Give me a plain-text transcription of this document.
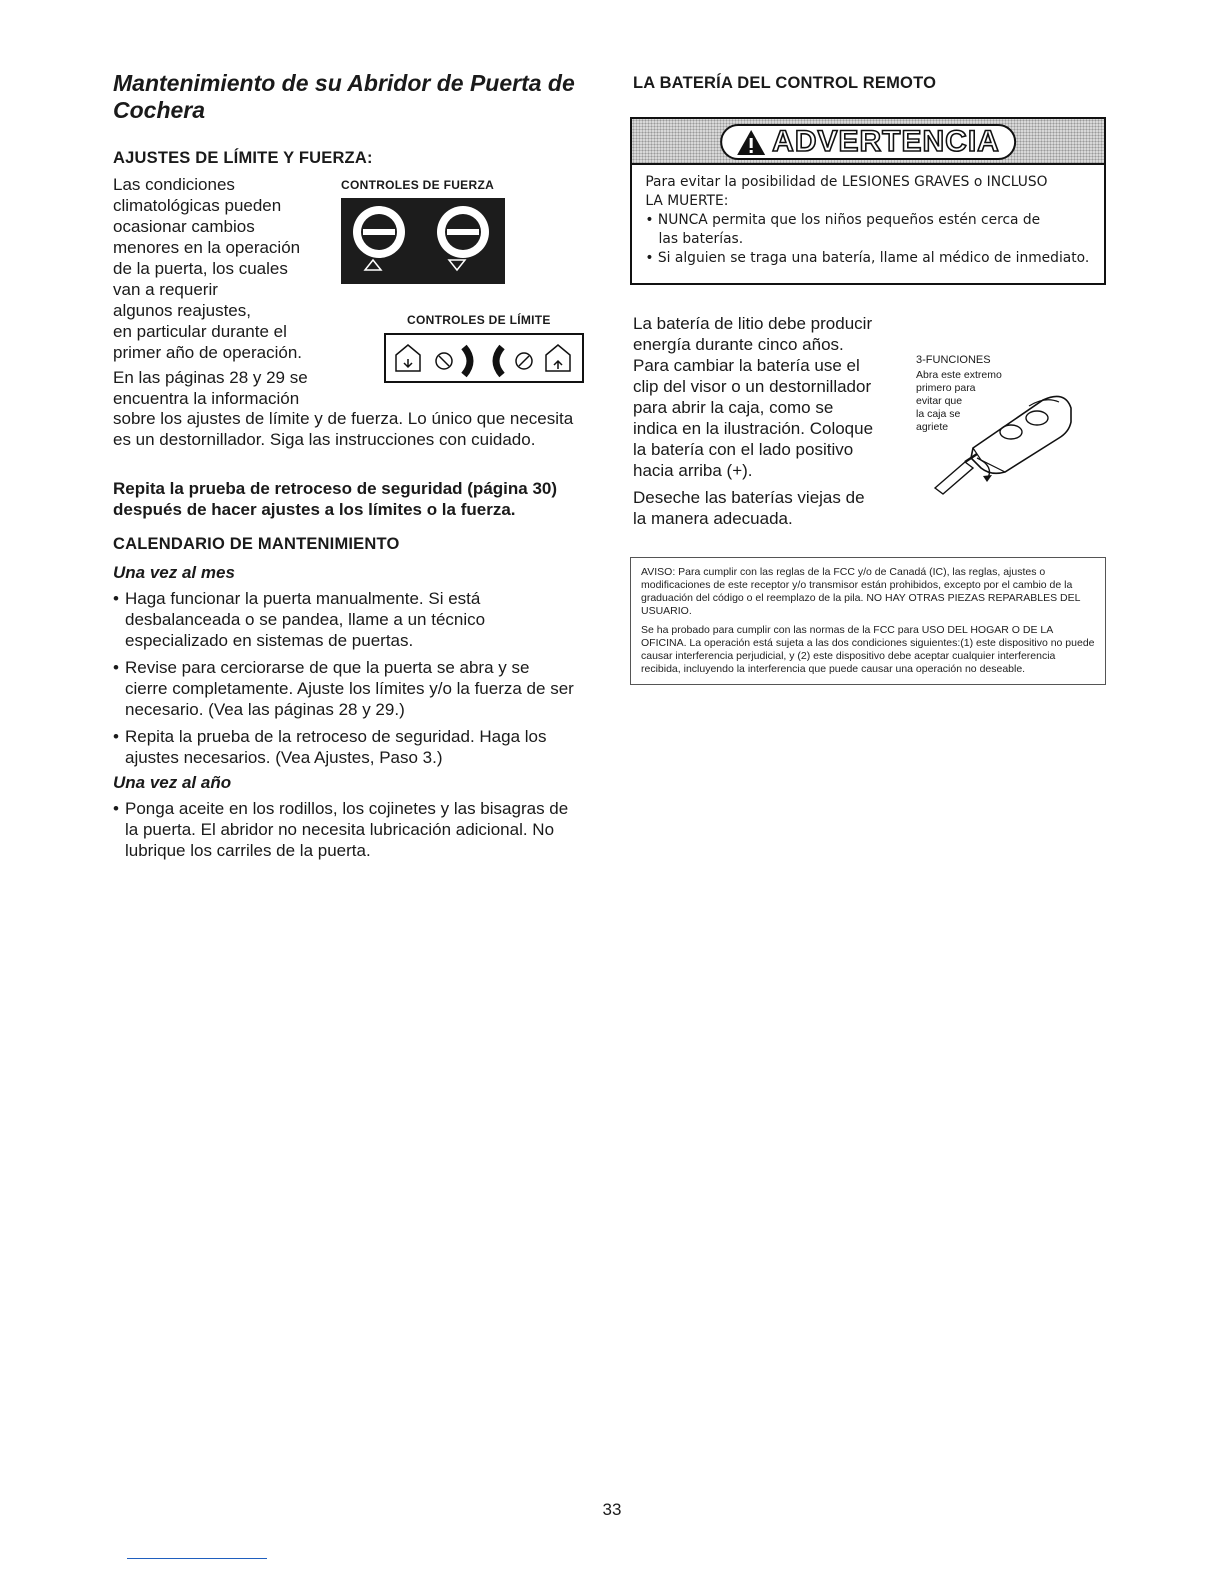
Mantenimiento de su Abridor de Puerta de Cochera
AJUSTES DE LÍMITE Y FUERZA:
Las condiciones
climatológicas pueden
ocasionar cambios
menores en la operación
de la puerta, los cuales
van a requerir
algunos reajustes,
en particular durante el
primer año de operación.
En las páginas 28 y 29 se
encuentra la información
sobre los ajustes de límite y de fuerza. Lo único que necesita es un destornillador. Siga las instrucciones con cuidado.
Repita la prueba de retroceso de seguridad (página 30) después de hacer ajustes a los límites o la fuerza.
CONTROLES DE FUERZA
CONTROLES DE LÍMITE
CALENDARIO DE MANTENIMIENTO
Una vez al mes
• Haga funcionar la puerta manualmente. Si está desbalanceada o se pandea, llame a un técnico especializado en sistemas de puertas.
• Revise para cerciorarse de que la puerta se abra y se cierre completamente. Ajuste los límites y/o la fuerza de ser necesario. (Vea las páginas 28 y 29.)
• Repita la prueba de la retroceso de seguridad. Haga los ajustes necesarios. (Vea Ajustes, Paso 3.)
Una vez al año
• Ponga aceite en los rodillos, los cojinetes y las bisagras de la puerta. El abridor no necesita lubricación adicional. No lubrique los carriles de la puerta.
LA BATERÍA DEL CONTROL REMOTO
ADVERTENCIA
Para evitar la posibilidad de LESIONES GRAVES o INCLUSO
LA MUERTE:
• NUNCA permita que los niños pequeños estén cerca de
las baterías.
• Si alguien se traga una batería, llame al médico de inmediato.
La batería de litio debe producir
energía durante cinco años.
Para cambiar la batería use el
clip del visor o un destornillador
para abrir la caja, como se
indica en la ilustración. Coloque
la batería con el lado positivo
hacia arriba (+).
Deseche las baterías viejas de
la manera adecuada.
3-FUNCIONES
Abra este extremo
primero para
evitar que
la caja se
agriete

AVISO: Para cumplir con las reglas de la FCC y/o de Canadá (IC), las reglas, ajustes o modificaciones de este receptor y/o transmisor están prohibidos, excepto por el cambio de la graduación del código o el reemplazo de la pila. NO HAY OTRAS PIEZAS REPARABLES DEL USUARIO.

Se ha probado para cumplir con las normas de la FCC para USO DEL HOGAR O DE LA OFICINA. La operación está sujeta a las dos condiciones siguientes:(1) este dispositivo no puede causar interferencia perjudicial, y (2) este dispositivo debe aceptar cualquier interferencia recibida, incluyendo la interferencia que puede causar una operación no deseable.

33
